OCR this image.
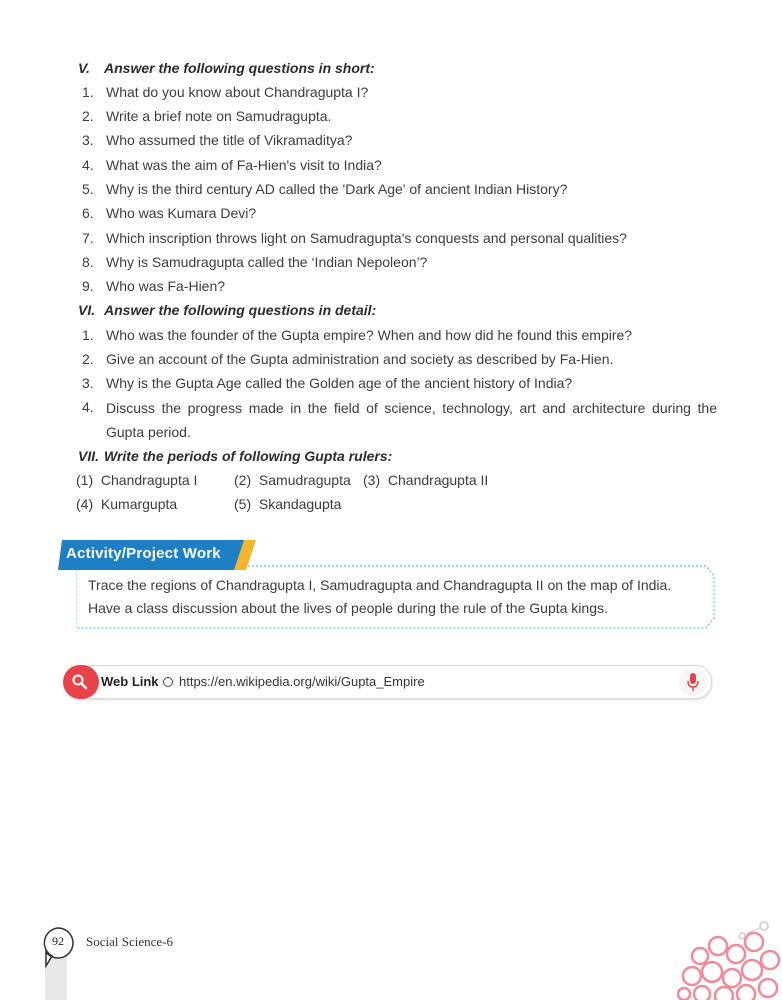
V. Answer the following questions in short:
1. What do you know about Chandragupta I?
2. Write a brief note on Samudragupta.
3. Who assumed the title of Vikramaditya?
4. What was the aim of Fa-Hien's visit to India?
5. Why is the third century AD called the 'Dark Age' of ancient Indian History?
6. Who was Kumara Devi?
7. Which inscription throws light on Samudragupta's conquests and personal qualities?
8. Why is Samudragupta called the ‘Indian Nepoleon’?
9. Who was Fa-Hien?
VI. Answer the following questions in detail:
1. Who was the founder of the Gupta empire? When and how did he found this empire?
2. Give an account of the Gupta administration and society as described by Fa-Hien.
3. Why is the Gupta Age called the Golden age of the ancient history of India?
4. Discuss the progress made in the field of science, technology, art and architecture during the Gupta period.
VII. Write the periods of following Gupta rulers:
(1) Chandragupta I	(2) Samudragupta (3) Chandragupta II
(4) Kumargupta	(5) Skandagupta
Activity/Project Work
Trace the regions of Chandragupta I, Samudragupta and Chandragupta II on the map of India. Have a class discussion about the lives of people during the rule of the Gupta kings.
Web Link https://en.wikipedia.org/wiki/Gupta_Empire
92	Social Science-6
